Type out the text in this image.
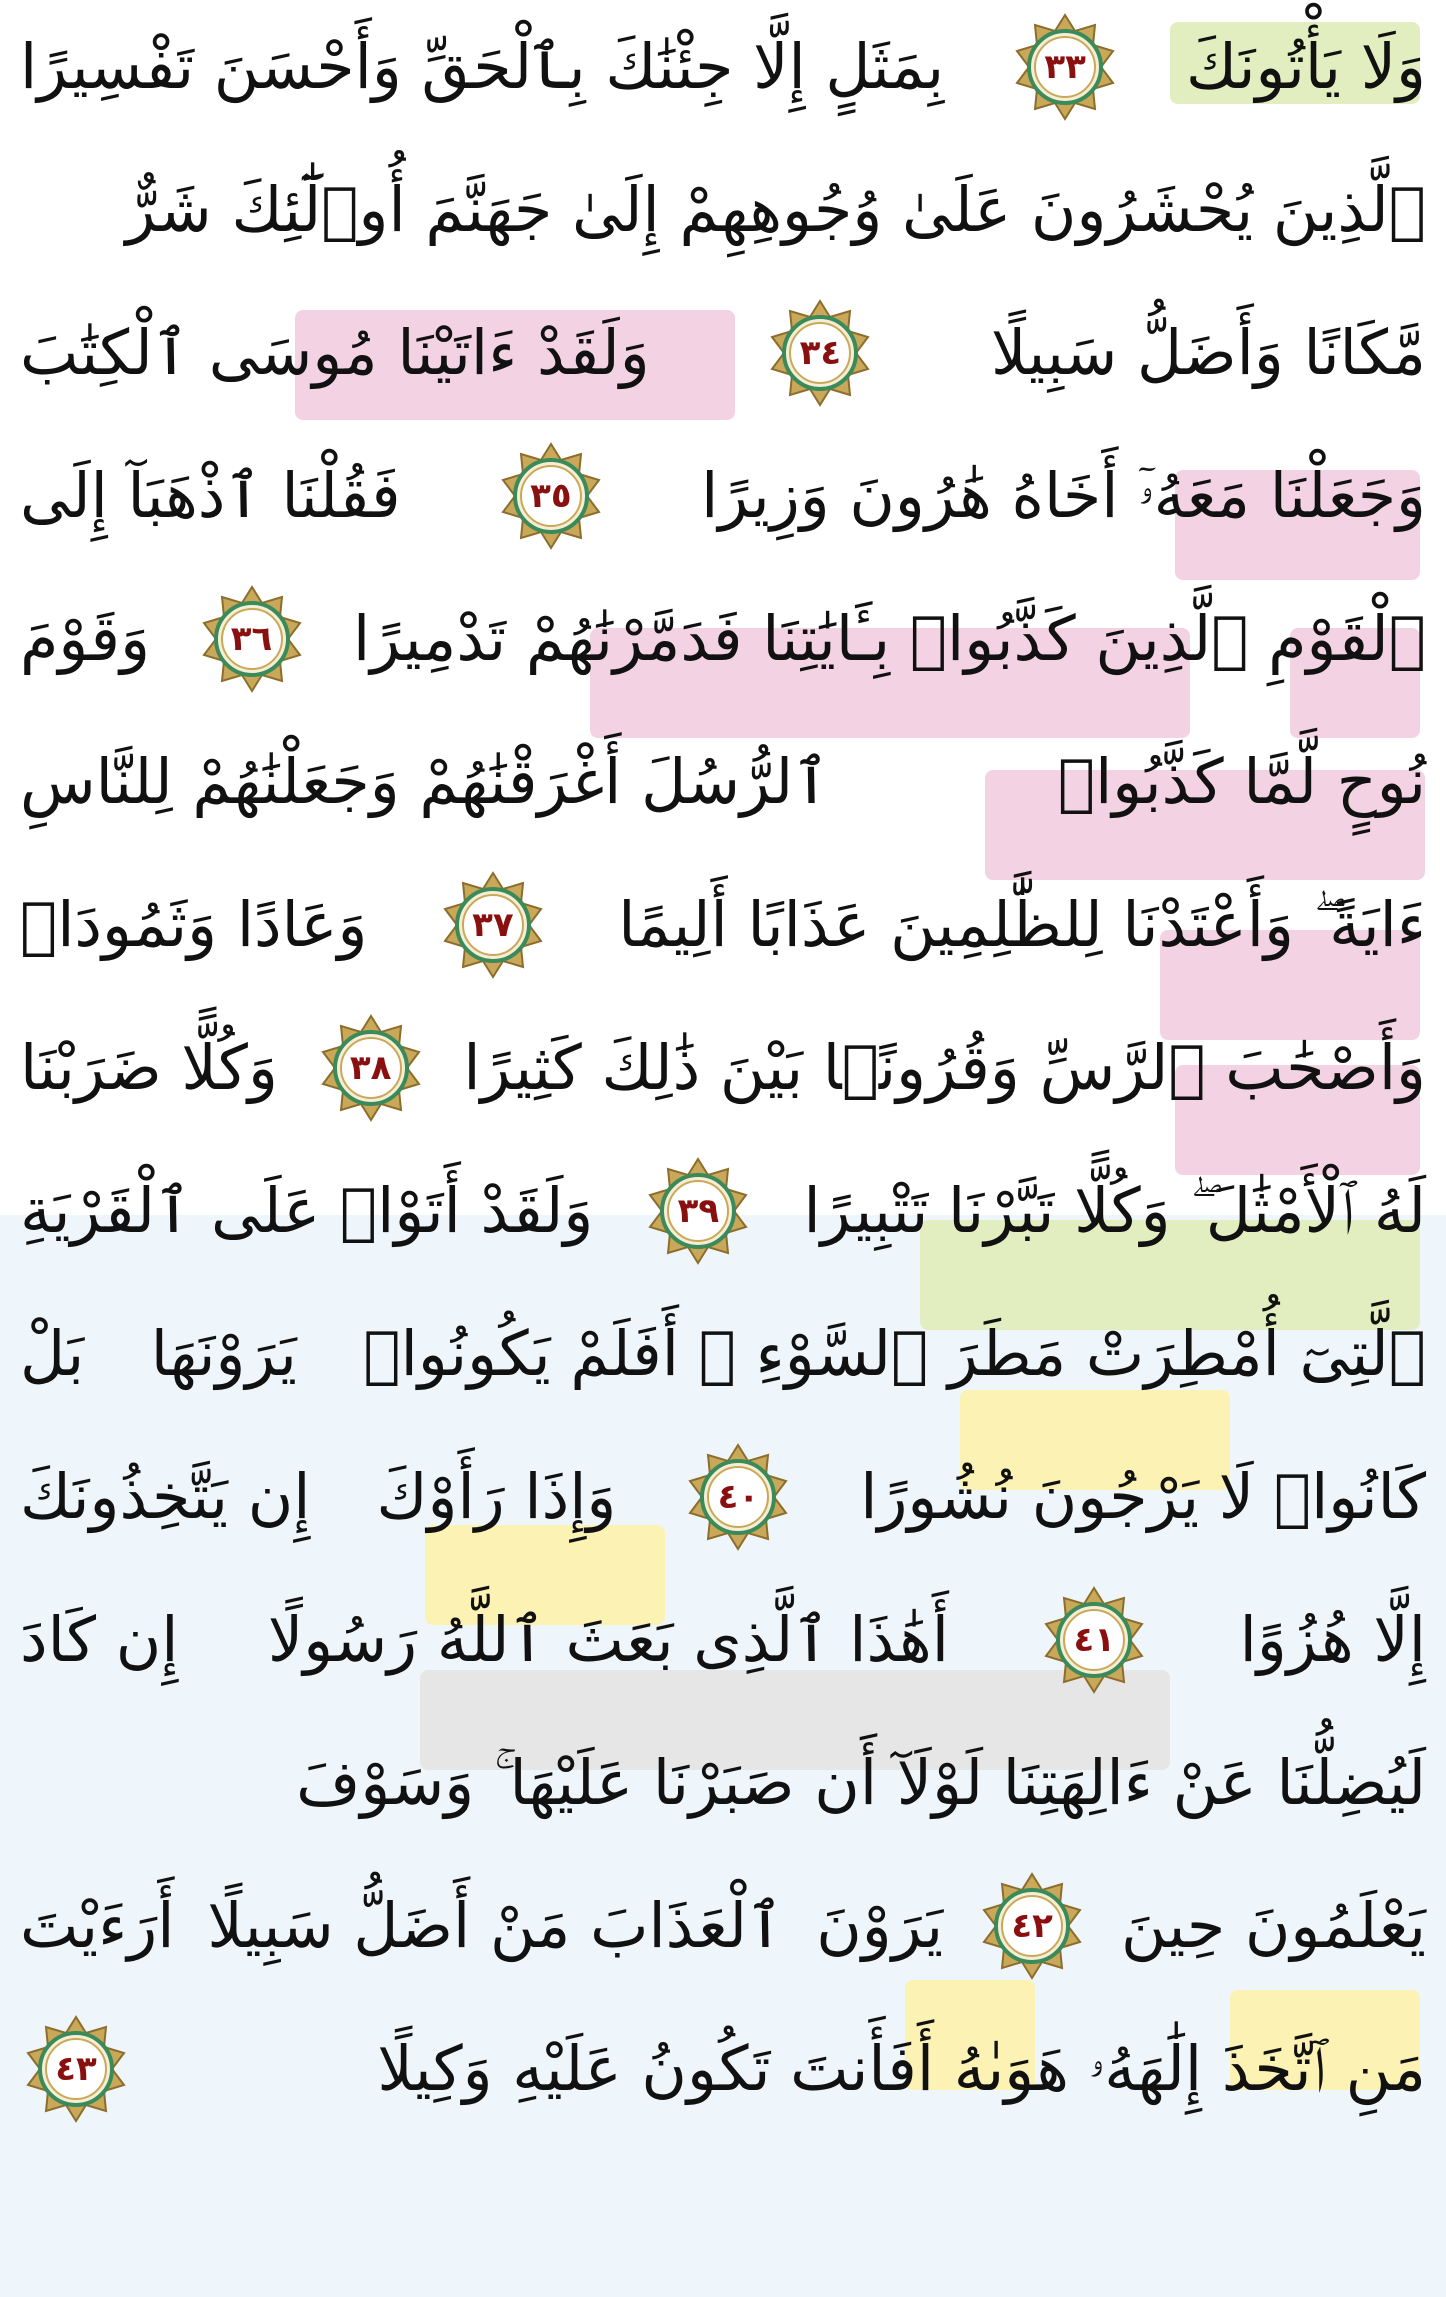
وَلَا يَأْتُونَكَ
٣٣
بِمَثَلٍ إِلَّا جِئْنَٰكَ بِٱلْحَقِّ وَأَحْسَنَ تَفْسِيرًا
ٱلَّذِينَ يُحْشَرُونَ عَلَىٰ وُجُوهِهِمْ إِلَىٰ جَهَنَّمَ أُو۟لَٰٓئِكَ شَرٌّ
مَّكَانًا وَأَضَلُّ سَبِيلًا
٣٤
وَلَقَدْ ءَاتَيْنَا مُوسَى ٱلْكِتَٰبَ
وَجَعَلْنَا مَعَهُۥٓ أَخَاهُ هَٰرُونَ وَزِيرًا
٣٥
فَقُلْنَا ٱذْهَبَآ إِلَى
ٱلْقَوْمِ ٱلَّذِينَ كَذَّبُوا۟ بِـَٔايَٰتِنَا فَدَمَّرْنَٰهُمْ تَدْمِيرًا
٣٦
وَقَوْمَ
نُوحٍ لَّمَّا كَذَّبُوا۟
ٱلرُّسُلَ أَغْرَقْنَٰهُمْ وَجَعَلْنَٰهُمْ لِلنَّاسِ
ءَايَةً ۖ وَأَعْتَدْنَا لِلظَّٰلِمِينَ عَذَابًا أَلِيمًا
٣٧
وَعَادًا وَثَمُودَا۟
وَأَصْحَٰبَ ٱلرَّسِّ وَقُرُونًۢا بَيْنَ ذَٰلِكَ كَثِيرًا
٣٨
وَكُلًّا ضَرَبْنَا
لَهُ ٱلْأَمْثَٰلَ ۖ وَكُلًّا تَبَّرْنَا تَتْبِيرًا
٣٩
وَلَقَدْ أَتَوْا۟ عَلَى ٱلْقَرْيَةِ
ٱلَّتِىٓ أُمْطِرَتْ مَطَرَ ٱلسَّوْءِ ۚ أَفَلَمْ يَكُونُوا۟
يَرَوْنَهَا
بَلْ
كَانُوا۟ لَا يَرْجُونَ نُشُورًا
٤٠
وَإِذَا رَأَوْكَ
إِن يَتَّخِذُونَكَ
إِلَّا هُزُوًا
٤١
أَهَٰذَا ٱلَّذِى بَعَثَ ٱللَّهُ رَسُولًا
إِن كَادَ
لَيُضِلُّنَا عَنْ ءَالِهَتِنَا لَوْلَآ أَن صَبَرْنَا عَلَيْهَا ۚ وَسَوْفَ
يَعْلَمُونَ حِينَ
٤٢
يَرَوْنَ
ٱلْعَذَابَ مَنْ أَضَلُّ سَبِيلًا
أَرَءَيْتَ
مَنِ ٱتَّخَذَ إِلَٰهَهُۥ هَوَىٰهُ أَفَأَنتَ تَكُونُ عَلَيْهِ وَكِيلًا
٤٣
